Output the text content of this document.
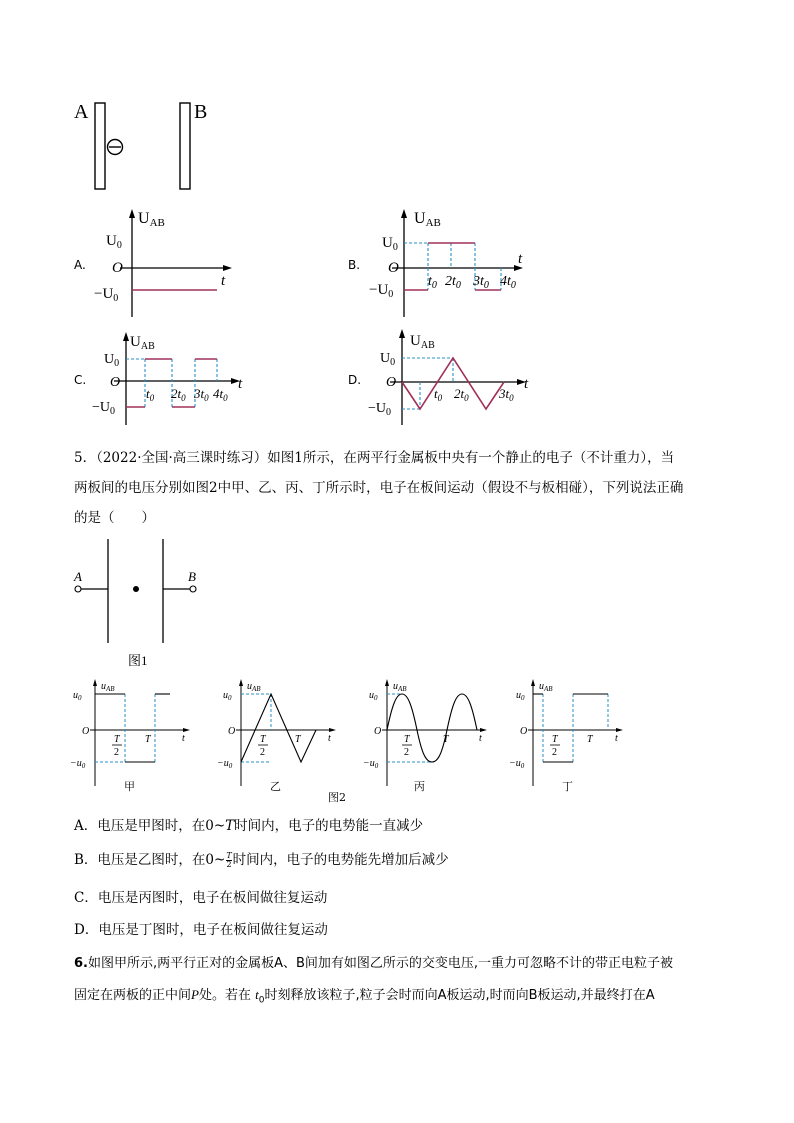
A	B
A.
UAB
$U_0$
O
$-U_0$
t
B.
UAB
$U_0$
O
$-U_0$
t
$t_0$ $2t_0$ $3t_0$ $4t_0$
C.
$U_{AB}$
$U_0$
O
$-U_0$
t
$t_0$ $2t_0$ $3t_0$ $4t_0$
D.
$U_{AB}$
$U_0$
O
$-U_0$
t
$t_0$ $2t_0$ $3t_0$
5．（2022·全国·高三课时练习）如图1所示，在两平行金属板中央有一个静止的电子（不计重力），当
两板间的电压分别如图2中甲、乙、丙、丁所示时，电子在板间运动（假设不与板相碰），下列说法正确
的是（　　）
A	B
图1
$u_0$
$u_{AB}$
O
$-u_0$
t
T
2
T
甲
$u_0$
$u_{AB}$
O
$-u_0$
t
T
2
T
乙
$u_0$
$u_{AB}$
O
$-u_0$
t
T
2
T
丙
$u_0$
$u_{AB}$
O
$-u_0$
t
T
2
T
丁
图2
A．电压是甲图时，在0~T时间内，电子的电势能一直减少
B．电压是乙图时，在0~ $\frac{T}{2}$ 时间内，电子的电势能先增加后减少
C．电压是丙图时，电子在板间做往复运动
D．电压是丁图时，电子在板间做往复运动
6.如图甲所示,两平行正对的金属板A、B间加有如图乙所示的交变电压,一重力可忽略不计的带正电粒子被
固定在两板的正中间P处。若在 $t_0$时刻释放该粒子,粒子会时而向A板运动,时而向B板运动,并最终打在A
